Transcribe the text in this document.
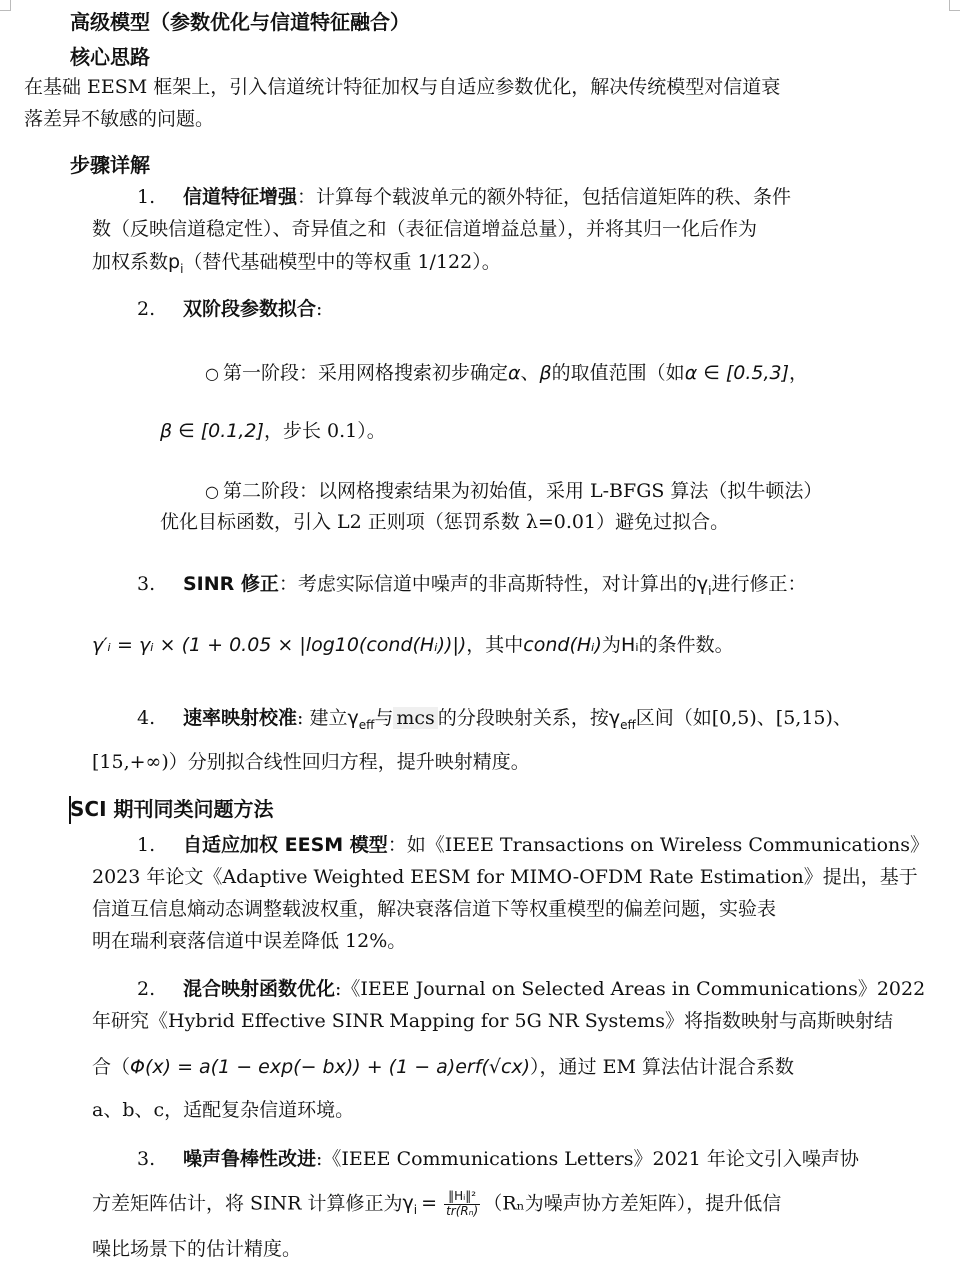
高级模型（参数优化与信道特征融合）
核心思路
在基础 EESM 框架上，引入信道统计特征加权与自适应参数优化，解决传统模型对信道衰
落差异不敏感的问题。
步骤详解
1. 信道特征增强：计算每个载波单元的额外特征，包括信道矩阵的秩、条件
数（反映信道稳定性）、奇异值之和（表征信道增益总量），并将其归一化后作为
加权系数$p_i$（替代基础模型中的等权重 1/122）。
2. 双阶段参数拟合:
○ 第一阶段：采用网格搜索初步确定α、β的取值范围（如α ∈ [0.5,3]，
β ∈ [0.1,2]，步长 0.1）。
○ 第二阶段：以网格搜索结果为初始值，采用 L-BFGS 算法（拟牛顿法）
优化目标函数，引入 L2 正则项（惩罚系数 λ=0.01）避免过拟合。
3. SINR 修正：考虑实际信道中噪声的非高斯特性，对计算出的$\gamma_i$进行修正：
γ′ᵢ = γᵢ × (1 + 0.05 × |log10(cond(Hᵢ))|)，其中cond(Hᵢ)为Hᵢ的条件数。
4. 速率映射校准: 建立$\gamma_{eff}$与 mcs 的分段映射关系，按$\gamma_{eff}$区间（如[0,5)、[5,15)、
[15,+∞)）分别拟合线性回归方程，提升映射精度。
SCI 期刊同类问题方法
1. 自适应加权 EESM 模型：如《IEEE Transactions on Wireless Communications》
2023 年论文《Adaptive Weighted EESM for MIMO-OFDM Rate Estimation》提出，基于
信道互信息熵动态调整载波权重，解决衰落信道下等权重模型的偏差问题，实验表
明在瑞利衰落信道中误差降低 12%。
2. 混合映射函数优化:《IEEE Journal on Selected Areas in Communications》2022
年研究《Hybrid Effective SINR Mapping for 5G NR Systems》将指数映射与高斯映射结
合（Φ(x) = a(1 − exp(− bx)) + (1 − a)erf(√cx)），通过 EM 算法估计混合系数
a、b、c，适配复杂信道环境。
3. 噪声鲁棒性改进:《IEEE Communications Letters》2021 年论文引入噪声协
方差矩阵估计，将 SINR 计算修正为$\gamma_i = \frac{\text{‖Hᵢ‖²}}{\text{tr(Rₙ)}} (R_n$为噪声协方差矩阵），提升低信
噪比场景下的估计精度。
